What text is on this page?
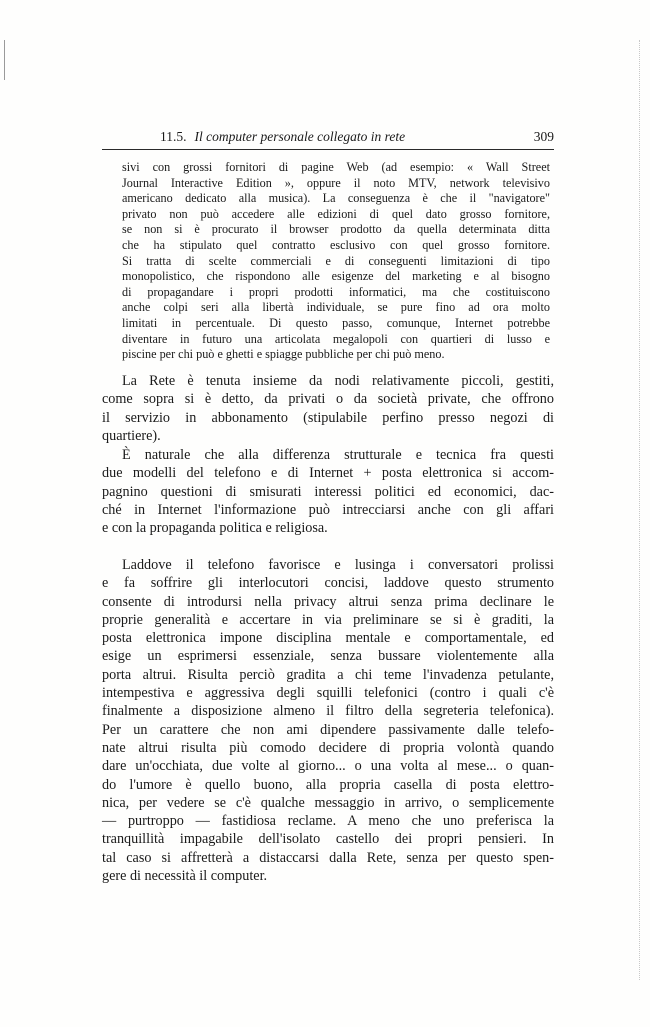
11.5. Il computer personale collegato in rete	309
sivi con grossi fornitori di pagine Web (ad esempio: « Wall Street
Journal Interactive Edition », oppure il noto MTV, network televisivo
americano dedicato alla musica). La conseguenza è che il "navigatore"
privato non può accedere alle edizioni di quel dato grosso fornitore,
se non si è procurato il browser prodotto da quella determinata ditta
che ha stipulato quel contratto esclusivo con quel grosso fornitore.
Si tratta di scelte commerciali e di conseguenti limitazioni di tipo
monopolistico, che rispondono alle esigenze del marketing e al bisogno
di propagandare i propri prodotti informatici, ma che costituiscono
anche colpi seri alla libertà individuale, se pure fino ad ora molto
limitati in percentuale. Di questo passo, comunque, Internet potrebbe
diventare in futuro una articolata megalopoli con quartieri di lusso e
piscine per chi può e ghetti e spiagge pubbliche per chi può meno.
La Rete è tenuta insieme da nodi relativamente piccoli, gestiti,
come sopra si è detto, da privati o da società private, che offrono
il servizio in abbonamento (stipulabile perfino presso negozi di
quartiere).
È naturale che alla differenza strutturale e tecnica fra questi
due modelli del telefono e di Internet + posta elettronica si accom-
pagnino questioni di smisurati interessi politici ed economici, dac-
ché in Internet l'informazione può intrecciarsi anche con gli affari
e con la propaganda politica e religiosa.
Laddove il telefono favorisce e lusinga i conversatori prolissi
e fa soffrire gli interlocutori concisi, laddove questo strumento
consente di introdursi nella privacy altrui senza prima declinare le
proprie generalità e accertare in via preliminare se si è graditi, la
posta elettronica impone disciplina mentale e comportamentale, ed
esige un esprimersi essenziale, senza bussare violentemente alla
porta altrui. Risulta perciò gradita a chi teme l'invadenza petulante,
intempestiva e aggressiva degli squilli telefonici (contro i quali c'è
finalmente a disposizione almeno il filtro della segreteria telefonica).
Per un carattere che non ami dipendere passivamente dalle telefo-
nate altrui risulta più comodo decidere di propria volontà quando
dare un'occhiata, due volte al giorno... o una volta al mese... o quan-
do l'umore è quello buono, alla propria casella di posta elettro-
nica, per vedere se c'è qualche messaggio in arrivo, o semplicemente
— purtroppo — fastidiosa reclame. A meno che uno preferisca la
tranquillità impagabile dell'isolato castello dei propri pensieri. In
tal caso si affretterà a distaccarsi dalla Rete, senza per questo spen-
gere di necessità il computer.
